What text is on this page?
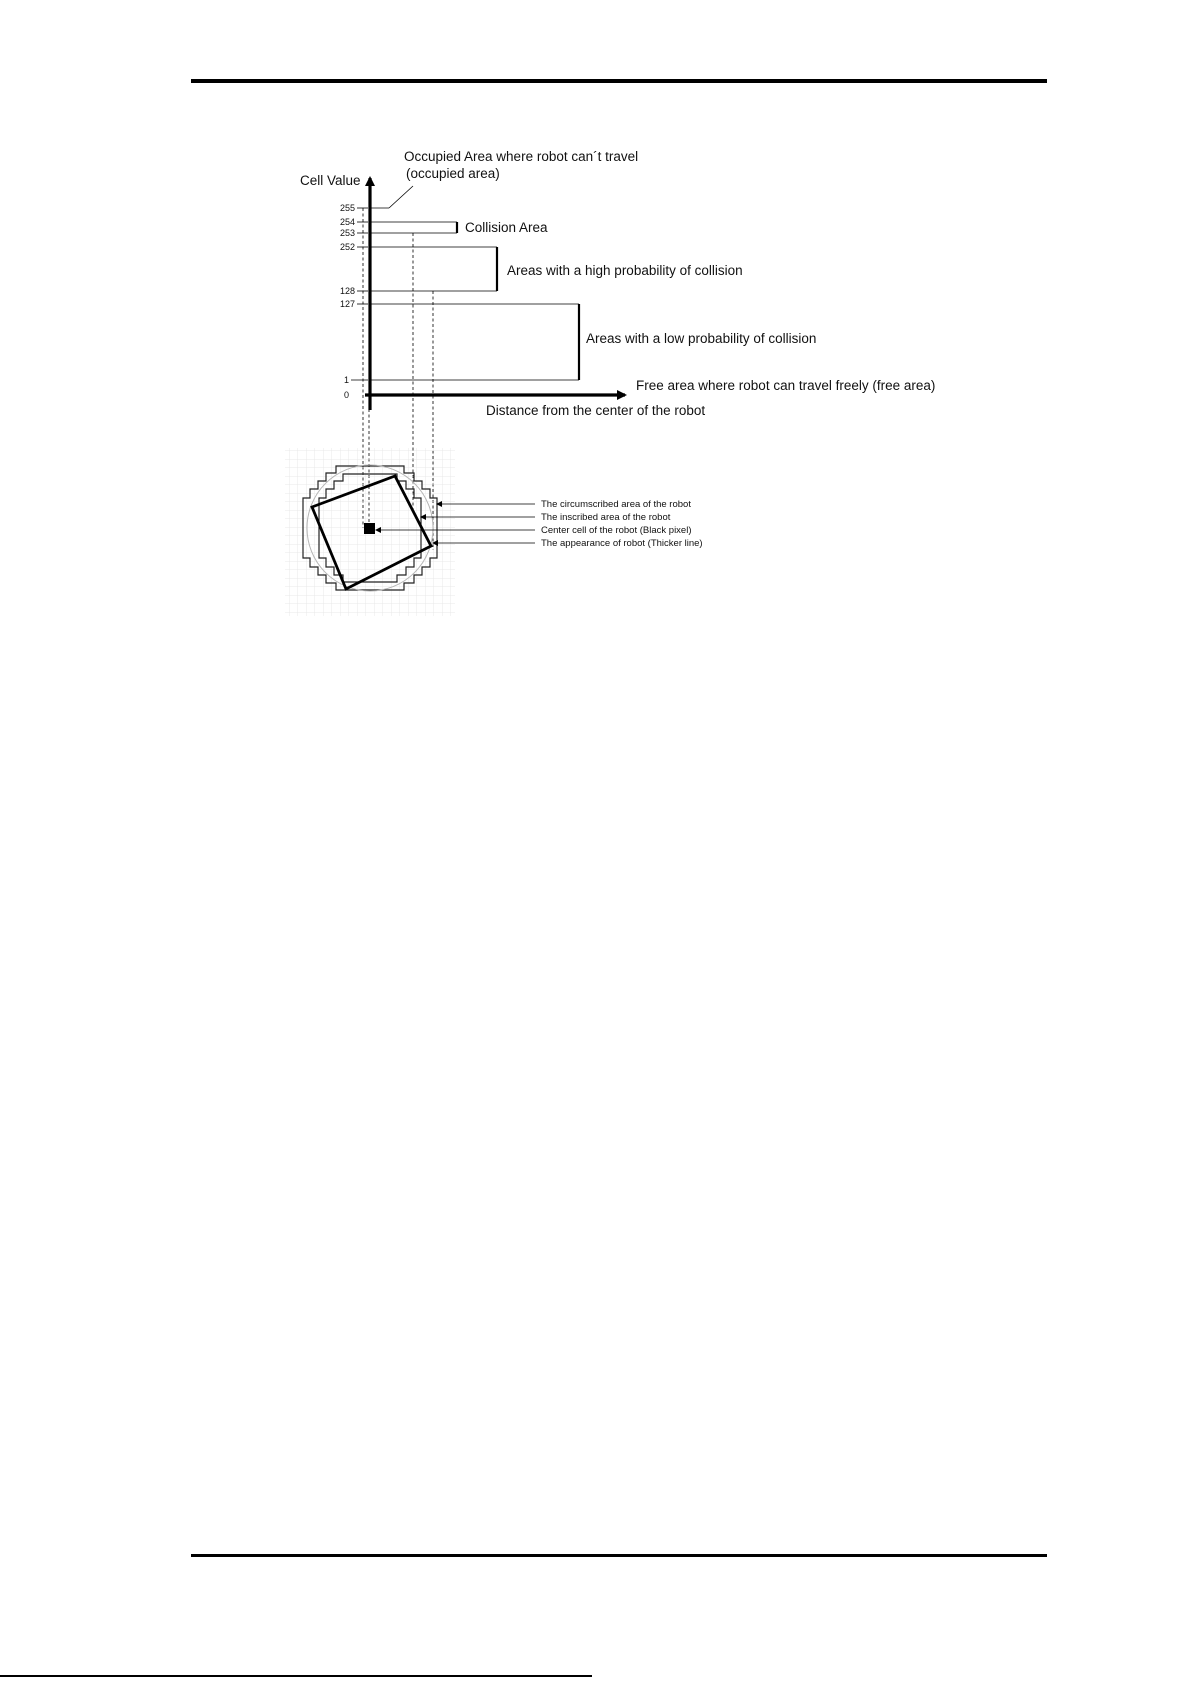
Cell Value
Distance from the center of the robot
255
254
253
252
128
127
1
0
Occupied Area where robot can´t travel
(occupied area)
Collision Area
Areas with a high probability of collision
Areas with a low probability of collision
Free area where robot can travel freely (free area)
The circumscribed area of the robot
The inscribed area of the robot
Center cell of the robot (Black pixel)
The appearance of robot (Thicker line)
